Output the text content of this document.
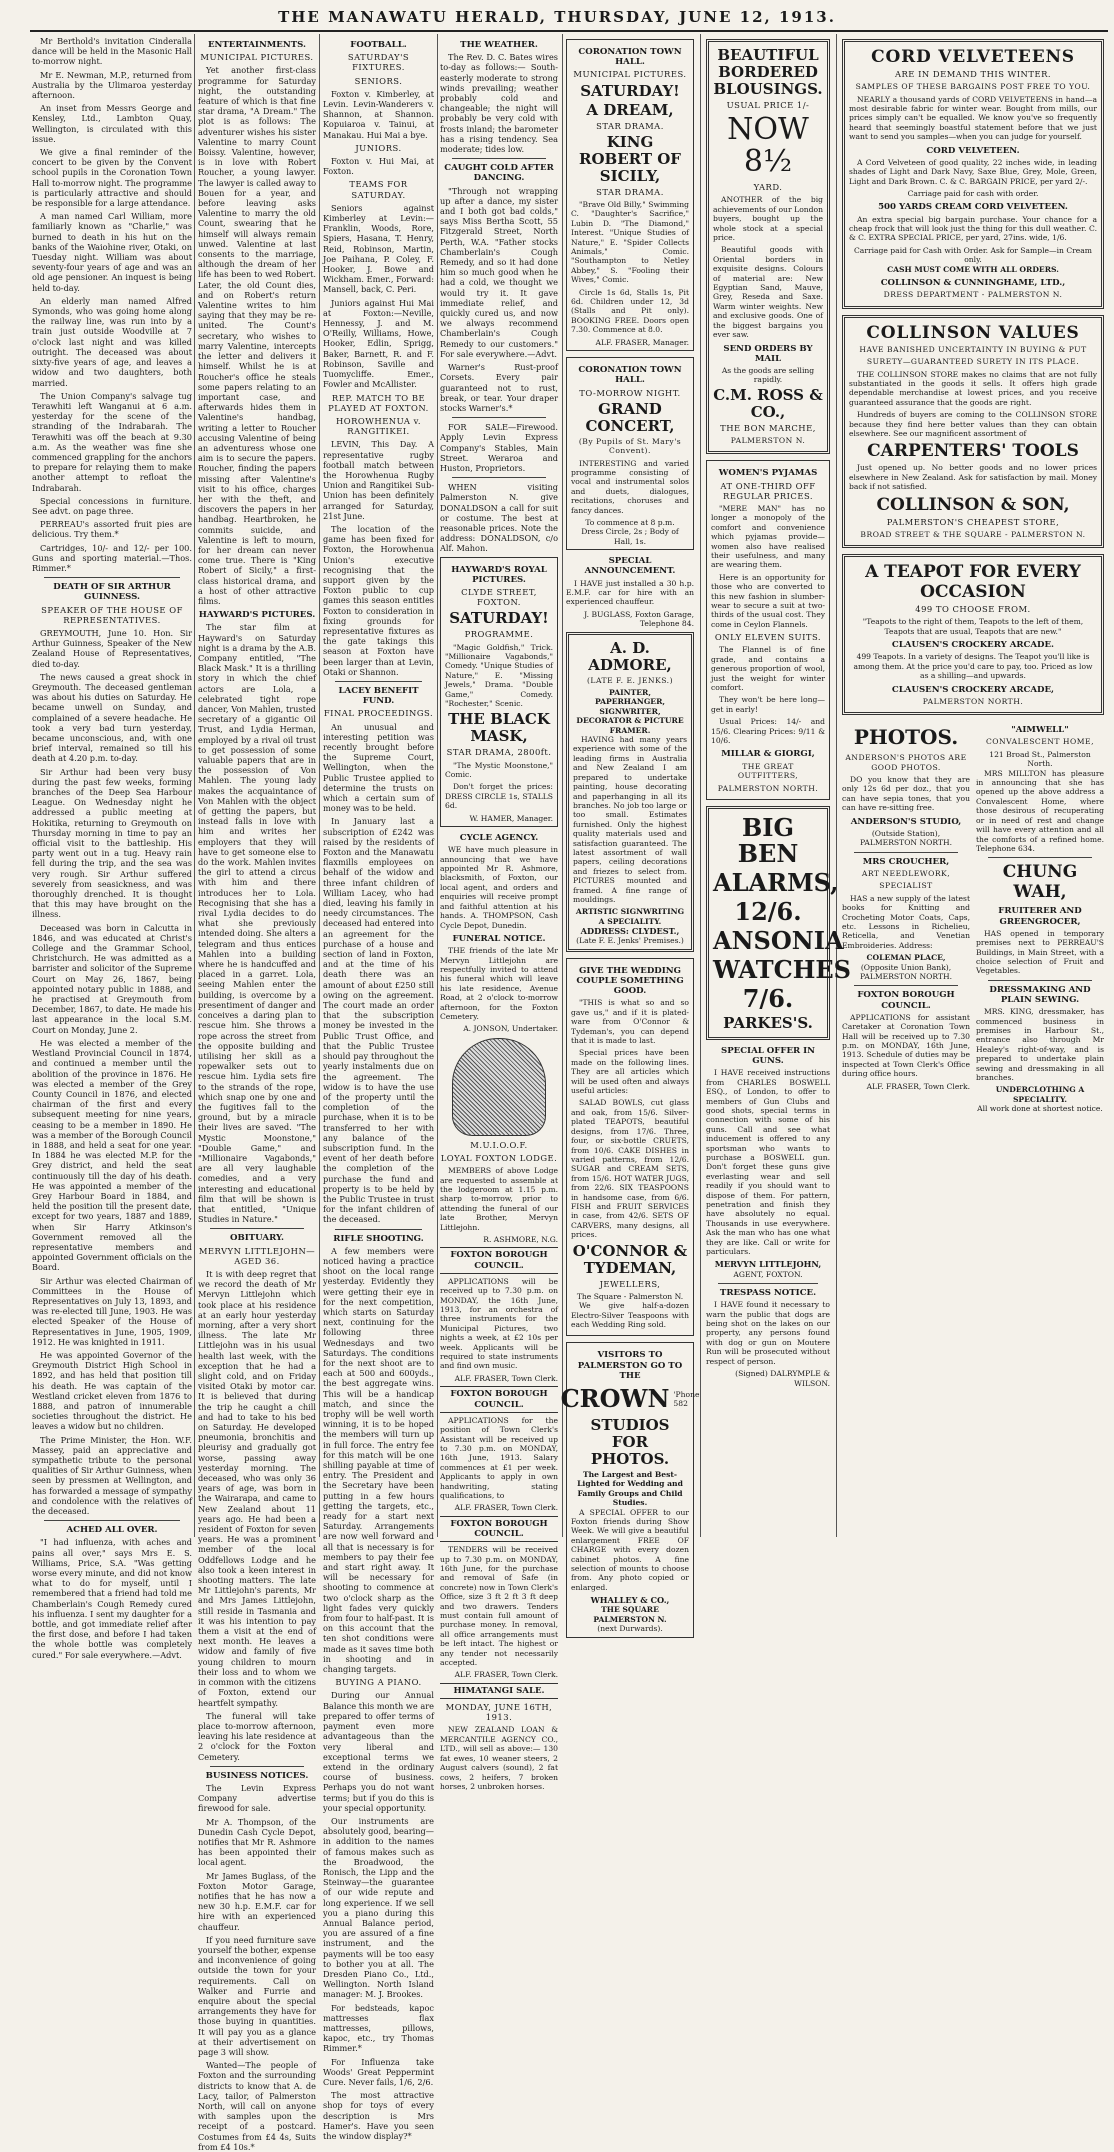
THE MANAWATU HERALD, THURSDAY, JUNE 12, 1913.

Mr Berthold's invitation Cinderalla dance will be held in the Masonic Hall to-morrow night.

Mr E. Newman, M.P., returned from Australia by the Ulimaroa yesterday afternoon.

An inset from Messrs George and Kensley, Ltd., Lambton Quay, Wellington, is circulated with this issue.

We give a final reminder of the concert to be given by the Convent school pupils in the Coronation Town Hall to-morrow night. The programme is particularly attractive and should be responsible for a large attendance.

A man named Carl William, more familiarly known as "Charlie," was burned to death in his hut on the banks of the Waiohine river, Otaki, on Tuesday night. William was about seventy-four years of age and was an old age pensioner. An inquest is being held to-day.

An elderly man named Alfred Symonds, who was going home along the railway line, was run into by a train just outside Woodville at 7 o'clock last night and was killed outright. The deceased was about sixty-five years of age, and leaves a widow and two daughters, both married.

The Union Company's salvage tug Terawhiti left Wanganui at 6 a.m. yesterday for the scene of the stranding of the Indrabarah. The Terawhiti was off the beach at 9.30 a.m. As the weather was fine she commenced grappling for the anchors to prepare for relaying them to make another attempt to refloat the Indrabarah.

Special concessions in furniture. See advt. on page three.

PERREAU's assorted fruit pies are delicious. Try them.*

Cartridges, 10/- and 12/- per 100. Guns and sporting material.—Thos. Rimmer.*

DEATH OF SIR ARTHUR GUINNESS.
SPEAKER OF THE HOUSE OF REPRESENTATIVES.

GREYMOUTH, June 10. Hon. Sir Arthur Guinness, Speaker of the New Zealand House of Representatives, died to-day.

The news caused a great shock in Greymouth. The deceased gentleman was about his duties on Saturday. He became unwell on Sunday, and complained of a severe headache. He took a very bad turn yesterday, became unconscious, and, with one brief interval, remained so till his death at 4.20 p.m. to-day.

Sir Arthur had been very busy during the past few weeks, forming branches of the Deep Sea Harbour League. On Wednesday night he addressed a public meeting at Hokitika, returning to Greymouth on Thursday morning in time to pay an official visit to the battleship. His party went out in a tug. Heavy rain fell during the trip, and the sea was very rough. Sir Arthur suffered severely from seasickness, and was thoroughly drenched. It is thought that this may have brought on the illness.

Deceased was born in Calcutta in 1846, and was educated at Christ's College and the Grammar School, Christchurch. He was admitted as a barrister and solicitor of the Supreme Court on May 26, 1867, being appointed notary public in 1888, and he practised at Greymouth from December, 1867, to date. He made his last appearance in the local S.M. Court on Monday, June 2.

He was elected a member of the Westland Provincial Council in 1874, and continued a member until the abolition of the province in 1876. He was elected a member of the Grey County Council in 1876, and elected chairman of the first and every subsequent meeting for nine years, ceasing to be a member in 1890. He was a member of the Borough Council in 1888, and held a seat for one year. In 1884 he was elected M.P. for the Grey district, and held the seat continuously till the day of his death. He was appointed a member of the Grey Harbour Board in 1884, and held the position till the present date, except for two years, 1887 and 1889, when Sir Harry Atkinson's Government removed all the representative members and appointed Government officials on the Board.

Sir Arthur was elected Chairman of Committees in the House of Representatives on July 13, 1893, and was re-elected till June, 1903. He was elected Speaker of the House of Representatives in June, 1905, 1909, 1912. He was knighted in 1911.

He was appointed Governor of the Greymouth District High School in 1892, and has held that position till his death. He was captain of the Westland cricket eleven from 1876 to 1888, and patron of innumerable societies throughout the district. He leaves a widow but no children.

The Prime Minister, the Hon. W.F. Massey, paid an appreciative and sympathetic tribute to the personal qualities of Sir Arthur Guinness, when seen by pressmen at Wellington, and has forwarded a message of sympathy and condolence with the relatives of the deceased.

ACHED ALL OVER.

"I had influenza, with aches and pains all over," says Mrs E. S. Williams, Price, S.A. "Was getting worse every minute, and did not know what to do for myself, until I remembered that a friend had told me Chamberlain's Cough Remedy cured his influenza. I sent my daughter for a bottle, and got immediate relief after the first dose, and before I had taken the whole bottle was completely cured." For sale everywhere.—Advt.

ENTERTAINMENTS.
MUNICIPAL PICTURES.

Yet another first-class programme for Saturday night, the outstanding feature of which is that fine star drama, "A Dream." The plot is as follows: The adventurer wishes his sister Valentine to marry Count Boissy. Valentine, however, is in love with Robert Roucher, a young lawyer. The lawyer is called away to Bouen for a year, and before leaving asks Valentine to marry the old Count, swearing that he himself will always remain unwed. Valentine at last consents to the marriage, although the dream of her life has been to wed Robert. Later, the old Count dies, and on Robert's return Valentine writes to him saying that they may be re-united. The Count's secretary, who wishes to marry Valentine, intercepts the letter and delivers it himself. Whilst he is at Roucher's office he steals some papers relating to an important case, and afterwards hides them in Valentine's handbag, writing a letter to Roucher accusing Valentine of being an adventuress whose one aim is to secure the papers. Roucher, finding the papers missing after Valentine's visit to his office, charges her with the theft, and discovers the papers in her handbag. Heartbroken, he commits suicide, and Valentine is left to mourn, for her dream can never come true. There is "King Robert of Sicily," a first-class historical drama, and a host of other attractive films.

HAYWARD'S PICTURES.

The star film at Hayward's on Saturday night is a drama by the A.B. Company entitled, "The Black Mask." It is a thrilling story in which the chief actors are Lola, a celebrated tight rope dancer, Von Mahlen, trusted secretary of a gigantic Oil Trust, and Lydia Herman, employed by a rival oil trust to get possession of some valuable papers that are in the possession of Von Mahlen. The young lady makes the acquaintance of Von Mahlen with the object of getting the papers, but instead falls in love with him and writes her employers that they will have to get someone else to do the work. Mahlen invites the girl to attend a circus with him and there introduces her to Lola. Recognising that she has a rival Lydia decides to do what she previously intended doing. She alters a telegram and thus entices Mahlen into a building where he is handcuffed and placed in a garret. Lola, seeing Mahlen enter the building, is overcome by a presentiment of danger and conceives a daring plan to rescue him. She throws a rope across the street from the opposite building and utilising her skill as a ropewalker sets out to rescue him. Lydia sets fire to the strands of the rope, which snap one by one and the fugitives fall to the ground, but by a miracle their lives are saved. "The Mystic Moonstone," "Double Game," and "Millionaire Vagabonds," are all very laughable comedies, and a very interesting and educational film that will be shown is that entitled, "Unique Studies in Nature."

OBITUARY.
MERVYN LITTLEJOHN—AGED 36.

It is with deep regret that we record the death of Mr Mervyn Littlejohn which took place at his residence at an early hour yesterday morning, after a very short illness. The late Mr Littlejohn was in his usual health last week, with the exception that he had a slight cold, and on Friday visited Otaki by motor car. It is believed that during the trip he caught a chill and had to take to his bed on Saturday. He developed pneumonia, bronchitis and pleurisy and gradually got worse, passing away yesterday morning. The deceased, who was only 36 years of age, was born in the Wairarapa, and came to New Zealand about 11 years ago. He had been a resident of Foxton for seven years. He was a prominent member of the local Oddfellows Lodge and he also took a keen interest in shooting matters. The late Mr Littlejohn's parents, Mr and Mrs James Littlejohn, still reside in Tasmania and it was his intention to pay them a visit at the end of next month. He leaves a widow and family of five young children to mourn their loss and to whom we in common with the citizens of Foxton, extend our heartfelt sympathy.

The funeral will take place to-morrow afternoon, leaving his late residence at 2 o'clock for the Foxton Cemetery.

BUSINESS NOTICES.

The Levin Express Company advertise firewood for sale.

Mr A. Thompson, of the Dunedin Cash Cycle Depot, notifies that Mr R. Ashmore has been appointed their local agent.

Mr James Buglass, of the Foxton Motor Garage, notifies that he has now a new 30 h.p. E.M.F. car for hire with an experienced chauffeur.

If you need furniture save yourself the bother, expense and inconvenience of going outside the town for your requirements. Call on Walker and Furrie and enquire about the special arrangements they have for those buying in quantities. It will pay you as a glance at their advertisement on page 3 will show.

Wanted—The people of Foxton and the surrounding districts to know that A. de Lacy, tailor, of Palmerston North, will call on anyone with samples upon the receipt of a postcard. Costumes from £4 4s, Suits from £4 10s.*

FOOTBALL.
SATURDAY'S FIXTURES.
SENIORS.

Foxton v. Kimberley, at Levin. Levin-Wanderers v. Shannon, at Shannon. Kopuiaroa v. Tainui, at Manakau. Hui Mai a bye.

JUNIORS.

Foxton v. Hui Mai, at Foxton.

TEAMS FOR SATURDAY.

Seniors against Kimberley at Levin:—Franklin, Woods, Rore, Spiers, Hasana, T. Henry, Reid, Robinson, Martin, Joe Paihana, P. Coley, F. Hooker, J. Bowe and Wickham. Emer., Forward: Mansell, back, C. Peri.

Juniors against Hui Mai at Foxton:—Neville, Hennessy, J. and M. O'Reilly, Williams, Howe, Hooker, Edlin, Sprigg, Baker, Barnett, R. and F. Robinson, Saville and Tuomycliffe. Emer., Fowler and McAllister.

REP. MATCH TO BE PLAYED AT FOXTON.
HOROWHENUA v. RANGITIKEI.

LEVIN, This Day. A representative rugby football match between the Horowhenua Rugby Union and Rangitikei Sub-Union has been definitely arranged for Saturday, 21st June.

The location of the game has been fixed for Foxton, the Horowhenua Union's executive recognising that the support given by the Foxton public to cup games this season entitles Foxton to consideration in fixing grounds for representative fixtures as the gate takings this season at Foxton have been larger than at Levin, Otaki or Shannon.

LACEY BENEFIT FUND.
FINAL PROCEEDINGS.

An unusual and interesting petition was recently brought before the Supreme Court, Wellington, when the Public Trustee applied to determine the trusts on which a certain sum of money was to be held.

In January last a subscription of £242 was raised by the residents of Foxton and the Manawatu flaxmills employees on behalf of the widow and three infant children of William Lacey, who had died, leaving his family in needy circumstances. The deceased had entered into an agreement for the purchase of a house and section of land in Foxton, and at the time of his death there was an amount of about £250 still owing on the agreement. The court made an order that the subscription money be invested in the Public Trust Office, and that the Public Trustee should pay throughout the yearly instalments due on the agreement. The widow is to have the use of the property until the completion of the purchase, when it is to be transferred to her with any balance of the subscription fund. In the event of her death before the completion of the purchase the fund and property is to be held by the Public Trustee in trust for the infant children of the deceased.

RIFLE SHOOTING.

A few members were noticed having a practice shoot on the local range yesterday. Evidently they were getting their eye in for the next competition, which starts on Saturday next, continuing for the following three Wednesdays and two Saturdays. The conditions for the next shoot are to each at 500 and 600yds., the best aggregate wins. This will be a handicap match, and since the trophy will be well worth winning, it is to be hoped the members will turn up in full force. The entry fee for this match will be one shilling payable at time of entry. The President and the Secretary have been putting in a few hours getting the targets, etc., ready for a start next Saturday. Arrangements are now well forward and all that is necessary is for members to pay their fee and start right away. It will be necessary for shooting to commence at two o'clock sharp as the light fades very quickly from four to half-past. It is on this account that the ten shot conditions were made as it saves time both in shooting and in changing targets.

BUYING A PIANO.

During our Annual Balance this month we are prepared to offer terms of payment even more advantageous than the very liberal and exceptional terms we extend in the ordinary course of business. Perhaps you do not want terms; but if you do this is your special opportunity.

Our instruments are absolutely good, bearing—in addition to the names of famous makes such as the Broadwood, the Ronisch, the Lipp and the Steinway—the guarantee of our wide repute and long experience. If we sell you a piano during this Annual Balance period, you are assured of a fine instrument, and the payments will be too easy to bother you at all. The Dresden Piano Co., Ltd., Wellington. North Island manager: M. J. Brookes.

For bedsteads, kapoc mattresses flax mattresses, pillows, kapoc, etc., try Thomas Rimmer.*

For Influenza take Woods' Great Peppermint Cure. Never fails, 1/6, 2/6.

The most attractive shop for toys of every description is Mrs Hamer's. Have you seen the window display?*

THE WEATHER.

The Rev. D. C. Bates wires to-day as follows:— South-easterly moderate to strong winds prevailing; weather probably cold and changeable; the night will probably be very cold with frosts inland; the barometer has a rising tendency. Sea moderate; tides low.

CAUGHT COLD AFTER DANCING.

"Through not wrapping up after a dance, my sister and I both got bad colds," says Miss Bertha Scott, 55 Fitzgerald Street, North Perth, W.A. "Father stocks Chamberlain's Cough Remedy, and so it had done him so much good when he had a cold, we thought we would try it. It gave immediate relief, and quickly cured us, and now we always recommend Chamberlain's Cough Remedy to our customers." For sale everywhere.—Advt.

Warner's Rust-proof Corsets. Every pair guaranteed not to rust, break, or tear. Your draper stocks Warner's.*

FOR SALE—Firewood. Apply Levin Express Company's Stables, Main Street. Weraroa and Huston, Proprietors.

WHEN visiting Palmerston N. give DONALDSON a call for suit or costume. The best at reasonable prices. Note the address: DONALDSON, c/o Alf. Mahon.

HAYWARD'S ROYAL PICTURES.
CLYDE STREET, FOXTON.
SATURDAY!
PROGRAMME.

"Magic Goldfish," Trick. "Millionaire Vagabonds," Comedy. "Unique Studies of Nature," E. "Missing Jewels," Drama. "Double Game," Comedy. "Rochester," Scenic.

THE BLACK MASK,
STAR DRAMA, 2800ft.

"The Mystic Moonstone," Comic.

Don't forget the prices: DRESS CIRCLE 1s, STALLS 6d.

W. HAMER, Manager.
CYCLE AGENCY.

WE have much pleasure in announcing that we have appointed Mr R. Ashmore, blacksmith, of Foxton, our local agent, and orders and enquiries will receive prompt and faithful attention at his hands. A. THOMPSON, Cash Cycle Depot, Dunedin.

FUNERAL NOTICE.

THE friends of the late Mr Mervyn Littlejohn are respectfully invited to attend his funeral which will leave his late residence, Avenue Road, at 2 o'clock to-morrow afternoon, for the Foxton Cemetery.

A. JONSON, Undertaker.
M.U.I.O.O.F.
LOYAL FOXTON LODGE.

MEMBERS of above Lodge are requested to assemble at the lodgeroom at 1.15 p.m. sharp to-morrow, prior to attending the funeral of our late Brother, Mervyn Littlejohn.

R. ASHMORE, N.G.
FOXTON BOROUGH COUNCIL.

APPLICATIONS will be received up to 7.30 p.m. on MONDAY, the 16th June, 1913, for an orchestra of three instruments for the Municipal Pictures, two nights a week, at £2 10s per week. Applicants will be required to state instruments and find own music.

ALF. FRASER, Town Clerk.
FOXTON BOROUGH COUNCIL.

APPLICATIONS for the position of Town Clerk's Assistant will be received up to 7.30 p.m. on MONDAY, 16th June, 1913. Salary commences at £1 per week. Applicants to apply in own handwriting, stating qualifications, to

ALF. FRASER, Town Clerk.
FOXTON BOROUGH COUNCIL.

TENDERS will be received up to 7.30 p.m. on MONDAY, 16th June, for the purchase and removal of Safe (in concrete) now in Town Clerk's Office, size 3 ft 2 ft 3 ft deep and two drawers. Tenders must contain full amount of purchase money. In removal, all office arrangements must be left intact. The highest or any tender not necessarily accepted.

ALF. FRASER, Town Clerk.
HIMATANGI SALE.
MONDAY, JUNE 16TH, 1913.

NEW ZEALAND LOAN & MERCANTILE AGENCY CO., LTD., will sell as above:— 130 fat ewes, 10 weaner steers, 2 August calvers (sound), 2 fat cows, 2 heifers, 7 broken horses, 2 unbroken horses.

CORONATION TOWN HALL.
MUNICIPAL PICTURES.
SATURDAY!
A DREAM,
STAR DRAMA.
KING ROBERT OF SICILY,
STAR DRAMA.

"Brave Old Billy," Swimming C. "Daughter's Sacrifice," Lubin D. "The Diamond," Interest. "Unique Studies of Nature," E. "Spider Collects Animals," Comic. "Southampton to Netley Abbey," S. "Fooling their Wives," Comic.

Circle 1s 6d, Stalls 1s, Pit 6d. Children under 12, 3d (Stalls and Pit only). BOOKING FREE. Doors open 7.30. Commence at 8.0.

ALF. FRASER, Manager.
CORONATION TOWN HALL.
TO-MORROW NIGHT.
GRAND CONCERT,
(By Pupils of St. Mary's Convent).

INTERESTING and varied programme consisting of vocal and instrumental solos and duets, dialogues, recitations, choruses and fancy dances.

To commence at 8 p.m.
Dress Circle, 2s ; Body of Hall, 1s.
SPECIAL ANNOUNCEMENT.

I HAVE just installed a 30 h.p. E.M.F. car for hire with an experienced chauffeur.

J. BUGLASS, Foxton Garage, Telephone 84.
A. D. ADMORE,
(LATE F. E. JENKS.)
PAINTER, PAPERHANGER, SIGNWRITER, DECORATOR & PICTURE FRAMER.

HAVING had many years experience with some of the leading firms in Australia and New Zealand I am prepared to undertake painting, house decorating and paperhanging in all its branches. No job too large or too small. Estimates furnished. Only the highest quality materials used and satisfaction guaranteed. The latest assortment of wall papers, ceiling decorations and friezes to select from. PICTURES mounted and framed. A fine range of mouldings.

ARTISTIC SIGNWRITING A SPECIALITY.
ADDRESS: CLYDEST.,
(Late F. E. Jenks' Premises.)
GIVE THE WEDDING COUPLE SOMETHING GOOD.

"THIS is what so and so gave us," and if it is plated-ware from O'Connor & Tydeman's, you can depend that it is made to last.

Special prices have been made on the following lines. They are all articles which will be used often and always useful articles:

SALAD BOWLS, cut glass and oak, from 15/6. Silver-plated TEAPOTS, beautiful designs, from 17/6. Three, four, or six-bottle CRUETS, from 10/6. CAKE DISHES in varied patterns, from 12/6. SUGAR and CREAM SETS, from 15/6. HOT WATER JUGS, from 22/6. SIX TEASPOONS in handsome case, from 6/6. FISH and FRUIT SERVICES in case, from 42/6. SETS OF CARVERS, many designs, all prices.

O'CONNOR & TYDEMAN,
JEWELLERS,
The Square - Palmerston N.

We give half-a-dozen Electro-Silver Teaspoons with each Wedding Ring sold.

VISITORS TO PALMERSTON GO TO THE
CROWN 'Phone 582
STUDIOS FOR PHOTOS.
The Largest and Best-Lighted for Wedding and Family Groups and Child Studies.

A SPECIAL OFFER to our Foxton friends during Show Week. We will give a beautiful enlargement FREE OF CHARGE with every dozen cabinet photos. A fine selection of mounts to choose from. Any photo copied or enlarged.

WHALLEY & CO.,
THE SQUARE PALMERSTON N.
(next Durwards).
BEAUTIFUL BORDERED BLOUSINGS.
USUAL PRICE 1/-
NOW 8½
YARD.

ANOTHER of the big achievements of our London buyers, bought up the whole stock at a special price.

Beautiful goods with Oriental borders in exquisite designs. Colours of material are: New Egyptian Sand, Mauve, Grey, Reseda and Saxe. Warm winter weights. New and exclusive goods. One of the biggest bargains you ever saw.

SEND ORDERS BY MAIL
As the goods are selling rapidly.
C.M. ROSS & CO.,
THE BON MARCHE,
PALMERSTON N.
WOMEN'S PYJAMAS
AT ONE-THIRD OFF REGULAR PRICES.

"MERE MAN" has no longer a monopoly of the comfort and convenience which pyjamas provide—women also have realised their usefulness, and many are wearing them.

Here is an opportunity for those who are converted to this new fashion in slumber-wear to secure a suit at two-thirds of the usual cost. They come in Ceylon Flannels.

ONLY ELEVEN SUITS.

The Flannel is of fine grade, and contains a generous proportion of wool, just the weight for winter comfort.

They won't be here long—get in early!

Usual Prices: 14/- and 15/6. Clearing Prices: 9/11 & 10/6.

MILLAR & GIORGI,
THE GREAT OUTFITTERS,
PALMERSTON NORTH.
BIG BEN
ALARMS,
12/6.
ANSONIA
WATCHES
7/6.
PARKES'S.
SPECIAL OFFER IN GUNS.

I HAVE received instructions from CHARLES BOSWELL ESQ., of London, to offer to members of Gun Clubs and good shots, special terms in connection with some of his guns. Call and see what inducement is offered to any sportsman who wants to purchase a BOSWELL gun. Don't forget these guns give everlasting wear and sell readily if you should want to dispose of them. For pattern, penetration and finish they have absolutely no equal. Thousands in use everywhere. Ask the man who has one what they are like. Call or write for particulars.

MERVYN LITTLEJOHN,
AGENT, FOXTON.
TRESPASS NOTICE.

I HAVE found it necessary to warn the public that dogs are being shot on the lakes on our property, any persons found with dog or gun on Moutere Run will be prosecuted without respect of person.

(Signed) DALRYMPLE & WILSON.
CORD VELVETEENS
ARE IN DEMAND THIS WINTER.
SAMPLES OF THESE BARGAINS POST FREE TO YOU.

NEARLY a thousand yards of CORD VELVETEENS in hand—a most desirable fabric for winter wear. Bought from mills, our prices simply can't be equalled. We know you've so frequently heard that seemingly boastful statement before that we just want to send you samples—when you can judge for yourself.

CORD VELVETEEN.

A Cord Velveteen of good quality, 22 inches wide, in leading shades of Light and Dark Navy, Saxe Blue, Grey, Mole, Green, Light and Dark Brown. C. & C. BARGAIN PRICE, per yard 2/-.

Carriage paid for cash with order.
500 YARDS CREAM CORD VELVETEEN.

An extra special big bargain purchase. Your chance for a cheap frock that will look just the thing for this dull weather. C. & C. EXTRA SPECIAL PRICE, per yard, 27ins. wide, 1/6.

Carriage paid for Cash with Order. Ask for Sample—in Cream only.
CASH MUST COME WITH ALL ORDERS.
COLLINSON & CUNNINGHAME, LTD.,
DRESS DEPARTMENT - PALMERSTON N.
COLLINSON VALUES
HAVE BANISHED UNCERTAINTY IN BUYING & PUT
SURETY—GUARANTEED SURETY IN ITS PLACE.

THE COLLINSON STORE makes no claims that are not fully substantiated in the goods it sells. It offers high grade dependable merchandise at lowest prices, and you receive guaranteed assurance that the goods are right.

Hundreds of buyers are coming to the COLLINSON STORE because they find here better values than they can obtain elsewhere. See our magnificent assortment of

CARPENTERS' TOOLS

Just opened up. No better goods and no lower prices elsewhere in New Zealand. Ask for satisfaction by mail. Money back if not satisfied.

COLLINSON & SON,
PALMERSTON'S CHEAPEST STORE,
BROAD STREET & THE SQUARE - PALMERSTON N.
A TEAPOT FOR EVERY OCCASION
499 TO CHOOSE FROM.

"Teapots to the right of them, Teapots to the left of them, Teapots that are usual, Teapots that are new."

CLAUSEN'S CROCKERY ARCADE.

499 Teapots. In a variety of designs. The Teapot you'll like is among them. At the price you'd care to pay, too. Priced as low as a shilling—and upwards.

CLAUSEN'S CROCKERY ARCADE,
PALMERSTON NORTH.
PHOTOS.
ANDERSON'S PHOTOS ARE GOOD PHOTOS.

DO you know that they are only 12s 6d per doz., that you can have sepia tones, that you can have re-sitting free.

ANDERSON'S STUDIO,
(Outside Station),
PALMERSTON NORTH.
MRS CROUCHER,
ART NEEDLEWORK,
SPECIALIST

HAS a new supply of the latest books for Knitting and Crocheting Motor Coats, Caps, etc. Lessons in Richelieu, Reticella, and Venetian Embroideries. Address:

COLEMAN PLACE,
(Opposite Union Bank),
PALMERSTON NORTH.
FOXTON BOROUGH COUNCIL.

APPLICATIONS for assistant Caretaker at Coronation Town Hall will be received up to 7.30 p.m. on MONDAY, 16th June, 1913. Schedule of duties may be inspected at Town Clerk's Office during office hours.

ALF. FRASER, Town Clerk.
"AIMWELL"
CONVALESCENT HOME,
121 Broad St., Palmerston North.

MRS MILLTON has pleasure in announcing that she has opened up the above address a Convalescent Home, where those desirous of recuperating or in need of rest and change will have every attention and all the comforts of a refined home. Telephone 634.

CHUNG WAH,
FRUITERER AND GREENGROCER,

HAS opened in temporary premises next to PERREAU'S Buildings, in Main Street, with a choice selection of Fruit and Vegetables.

DRESSMAKING AND PLAIN SEWING.

MRS. KING, dressmaker, has commenced business in premises in Harbour St., entrance also through Mr Healey's right-of-way, and is prepared to undertake plain sewing and dressmaking in all branches.

UNDERCLOTHING A SPECIALITY.
All work done at shortest notice.
